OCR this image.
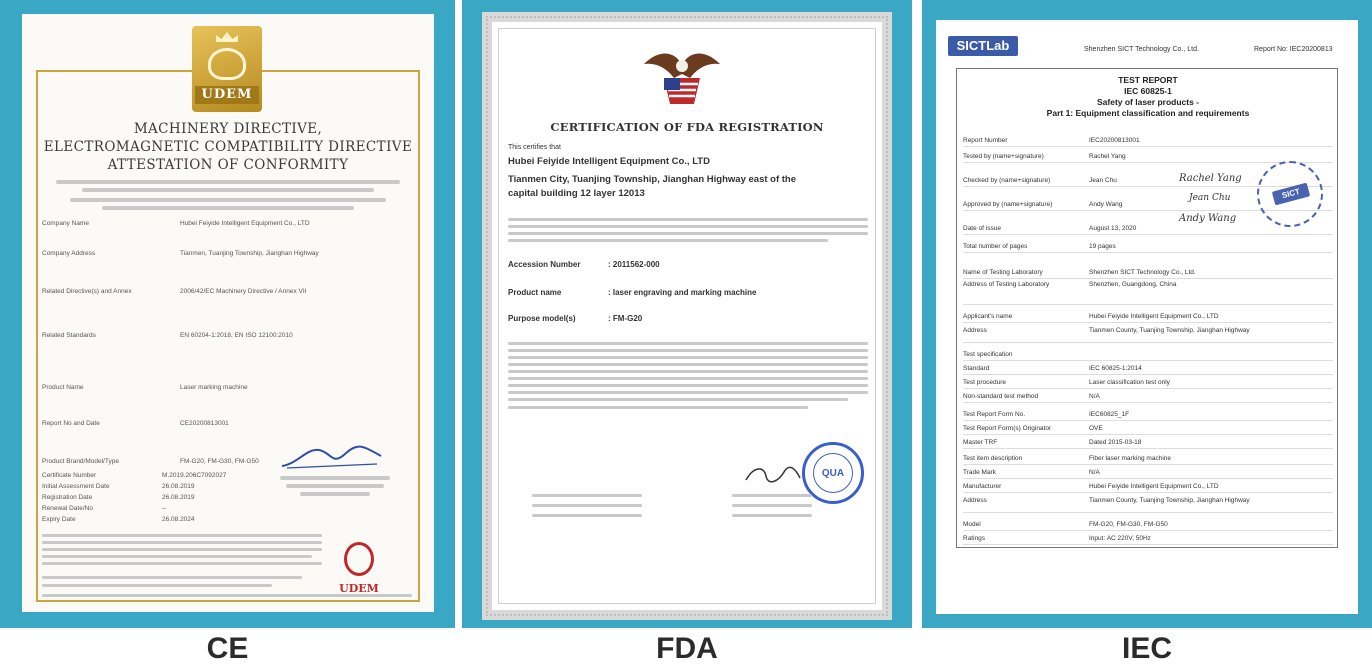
UDEM
MACHINERY DIRECTIVE,
ELECTROMAGNETIC COMPATIBILITY DIRECTIVE
ATTESTATION OF CONFORMITY
Company Name	Hubei Feiyide Intelligent Equipment Co., LTD
Company Address	Tianmen, Tuanjing Township, Jianghan Highway
Related Directive(s) and Annex	2006/42/EC Machinery Directive / Annex VII
Related Standards	EN 60204-1:2018, EN ISO 12100:2010
Product Name	Laser marking machine
Report No and Date	CE20200813001
Product Brand/Model/Type	FM-G20, FM-G30, FM-G50
Certificate Number	M.2019.206C7092027
Initial Assessment Date	26.08.2019
Registration Date	26.08.2019
Renewal Date/No	--
Expiry Date	26.08.2024
UDEM
CE
CERTIFICATION OF FDA REGISTRATION
This certifies that
Hubei Feiyide Intelligent Equipment Co., LTD
Tianmen City, Tuanjing Township, Jianghan Highway east of the
capital building 12 layer 12013
Accession Number	: 2011562-000
Product name	: laser engraving and marking machine
Purpose model(s)	: FM-G20
QUA
FDA
SICTLab	Shenzhen SICT Technology Co., Ltd.	Report No: IEC20200813
TEST REPORT
IEC 60825-1
Safety of laser products -
Part 1: Equipment classification and requirements
Report Number	IEC20200813001
Tested by (name+signature)	Rachel Yang
Checked by (name+signature)	Jean Chu
Approved by (name+signature)	Andy Wang
Date of issue	August 13, 2020
Total number of pages	19 pages
Name of Testing Laboratory	Shenzhen SICT Technology Co., Ltd.
Address of Testing Laboratory	Shenzhen, Guangdong, China
Applicant's name	Hubei Feiyide Intelligent Equipment Co., LTD
Address	Tianmen County, Tuanjing Township, Jianghan Highway
Test specification
Standard	IEC 60825-1:2014
Test procedure	Laser classification test only
Non-standard test method	N/A
Test Report Form No.	IEC60825_1F
Test Report Form(s) Originator	OVE
Master TRF	Dated 2015-03-18
Test item description	Fiber laser marking machine
Trade Mark	N/A
Manufacturer	Hubei Feiyide Intelligent Equipment Co., LTD
Address	Tianmen County, Tuanjing Township, Jianghan Highway
Model	FM-G20, FM-G30, FM-G50
Ratings	Input: AC 220V, 50Hz
Rachel Yang
Jean Chu
Andy Wang
SICT
IEC
